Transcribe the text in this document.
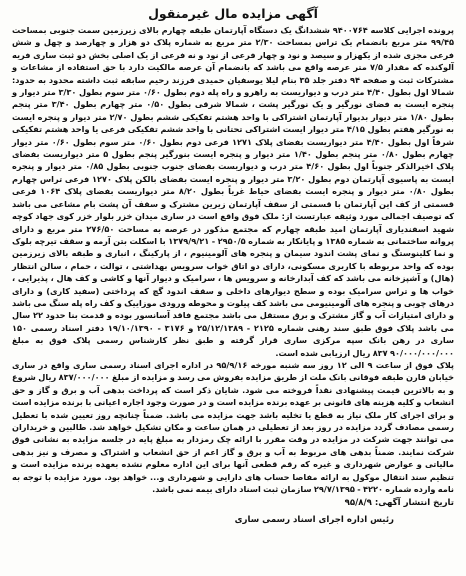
آگهی مزایده مال غیرمنقول

پرونده اجرایی کلاسه ۹۴۰۰۷۶۴ ششدانگ یک دستگاه آپارتمان طبقه چهارم بالای زیرزمین سمت جنوبی بمساحت ۹۹/۴۵ متر مربع بانضمام یک تراس بمساحت ۲/۳۰ متر مربع به شماره پلاک دو هزار و چهارصد و چهل و شش فرعی مجزی شده از یکهزار و سیصد و نود و چهار فرعی از نود و نه فرعی از یک اصلی بخش دو ثبت ساری فریه آلوکنده که مقدار ۷/۵ متر عرصه واقع می باشد که بانضمام آن عرصه مالکیت دارد با حق استفاده از مشاعات و مشترکات ثبت و صفحه ۹۴ دفتر جلد ۳۵ بنام لیلا یوسفیان حمیدی فرزند رحیم سابقه ثبت داشته محدود به حدود: شمالا اول بطول ۴/۴۰ متر درب و دیواریست به راهرو و راه پله دوم بطول ۰/۶۰ متر سوم بطول ۳/۳۰ متر دیوار و پنجره ایست به فضای نورگیر و یک نورگیر پشت ، شمالا شرقی بطول ۰/۵۰ متر چهارم بطول ۳/۴۰ متر پنجم بطول ۱/۸۰ متر دیوار بدیوار آپارتمان اشتراکی با واحد هشتم تفکیکی ششم بطول ۲/۷۰ متر دیوار و پنجره ایست به نورگیر هفتم بطول ۴/۱۵ متر دیوار ایست اشتراکی تحتانی با واحد ششم تفکیکی فرعی یا واحد هشتم تفکیکی شرقاً اول بطول ۴/۴۰ متر دیواریست بفضای پلاک ۱۲۷۱ فرعی دوم بطول ۰/۶۰ متر سوم بطول ۰/۶۰ متر دیوار چهارم بطول ۰/۸۰ متر پنجم بطول ۱/۴۰ متر دیوار و پنجره ایست بنورگیر پنجم بطول ۵ متر دیواریست بفضای پلاک اخیرالذکر جنوباً اول بطول ۴/۶۰ متر درب و دیواریست بفضای جنوب جنوبی بطول ۰/۸۵ متر دیوار و پنجره ایست به پاسیوی آپارتمان دوم بطول ۳/۲۰ متر دیوار و پنجره ایست بفضای بالکن پلاک ۱۲۷۰ فرعی تراس چهارم بطول ۰/۸۰ متر دیوار و پنجره ایست بفضای حیاط غرباً بطول ۸/۲۰ متر دیواریست بفضای پلاک ۱۰۶۴ فرعی قسمتی از کف این آپارتمان با قسمتی از سقف آپارتمان زیرین مشترک و سقف آن پشت بام مشاعی می باشد که توصیف اجمالی مورد وثیقه عبارتست از: ملک فوق واقع است در ساری میدان خزر بلوار خزر کوی جهاد کوچه شهید اسفندیاری آپارتمان امید طبقه چهارم که مجتمع مذکور در عرصه به مساحت ۲۷۶/۵۰ متر مربع و دارای پروانه ساختمانی به شماره ۱۳۸۵ و پایانکار به شماره ۲۹۵۰/۵ - ۱۳۷۹/۹/۲۱ با اسکلت بتن آرمه و سقف تیرچه بلوک و نما کلینوستگ و نمای پشت اندود سیمان و پنجره های آلومینیوم ، از پارکینگ ، انباری و طبقه بالای زیرزمین بوده که واحد مربوطه با کاربری مسکونی، دارای دو اتاق خواب سرویس بهداشتی ، توالت ، حمام ، سالن انتظار (هال) و آشپزخانه می باشد که کف آبدارخانه و سرویس ها ، سرامیک و دیوار آنها و کاشی و کف هال ، پذیرایی ، خواب ها و تراس سرامیک بوده و سطح دیوارهای داخلی و سقف اندود گچ که پرداختی (سفید کاری) و دارای درهای چوبی و پنجره های آلومینیومی می باشد کف پیلوت و محوطه ورودی موزاییک و کف راه پله سنگ می باشد و دارای امتیازات آب و گاز مشترک و برق مستقل می باشد مجتمع فاقد آسانسور بوده و قدمت بنا حدود ۲۲ سال می باشد پلاک فوق طبق سند رهنی شماره ۲۱۲۵ - ۲۵/۱۲/۱۳۸۹ و ۳۱۷۶ - ۱۹/۱۰/۱۳۹۰ دفتر اسناد رسمی ۱۵۰ ساری در رهن بانک سپه مرکزی ساری قرار گرفته و طبق نظر کارشناس رسمی پلاک فوق به مبلغ ۹۰/۰۰۰/۰۰۰/۰۰۰ ۸۳۷ ریال ارزیابی شده است.

پلاک فوق از ساعت ۹ الی ۱۲ روز سه شنبه مورخه ۹۵/۹/۱۶ در اداره اجرای اسناد رسمی ساری واقع در ساری خیابان قارن طبقه فوقانی بانک ملت از طریق مزایده بفروش می رسد و مزایده از مبلغ ۸۳۷/۰۰۰/۰۰۰ ریال شروع و به بالاترین قیمت پیشنهادی نقداً فروخته می شود. شایان ذکر است که پرداخت بدهی آب و برق و گاز و حق انشعاب و کلیه هزینه های قانونی بر عهده برنده مزایده است و در صورت وجود اجاره اعیانی با برنده مزایده است و برای اجرای کار ملک نیاز به قطع یا تخلیه باشد جهت مزایده می باشد. ضمناً چنانچه روز تعیین شده با تعطیل رسمی مصادف گردد مزایده در روز بعد از تعطیلی در همان ساعت و مکان تشکیل خواهد شد. طالبین و خریداران می توانند جهت شرکت در مزایده در وقت مقرر با ارائه چک رمزدار به مبلغ پایه در جلسه مزایده به نشانی فوق شرکت نمایند. ضمناً بدهی های مربوط به آب و برق و گاز اعم از حق انشعاب و اشتراک و مصرف و نیز بدهی مالیاتی و عوارض شهرداری و غیره که رقم قطعی آنها برای این اداره معلوم نشده بعهده برنده مزایده است و تنظیم سند انتقال موکول به ارائه مفاصا حساب های دارایی و شهرداری و... خواهد بود. مورد مزایده با توجه به نامه وارده شماره ۴۲۲۰ - ۲۹/۷/۱۳۹۵ سازمان ثبت اسناد دارای بیمه نمی باشد.

تاریخ انتشار آگهی: ۹۵/۸/۹
رئیس اداره اجرای اسناد رسمی ساری
